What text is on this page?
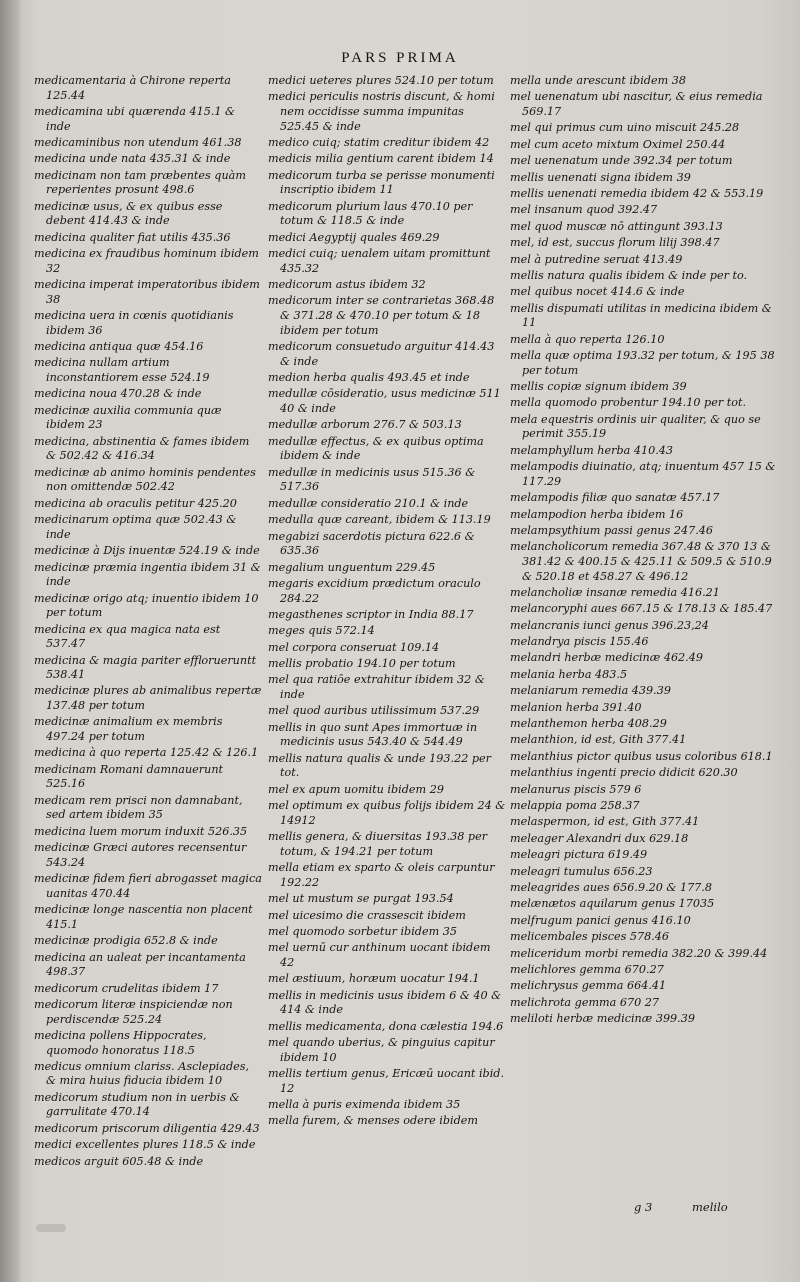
PARS PRIMA
medicamentaria à Chirone reperta 125.44
medicamina ubi quærenda 415.1 & inde
medicaminibus non utendum 461.38
medicina unde nata 435.31 & inde
medicinam non tam præbentes quàm reperientes prosunt 498.6
medicinæ usus, & ex quibus esse debent 414.43 & inde
medicina qualiter fiat utilis 435.36
medicina ex fraudibus hominum ibidem 32
medicina imperat imperatoribus ibidem 38
medicina uera in cœnis quotidianis ibidem 36
medicina antiqua quæ 454.16
medicina nullam artium inconstantiorem esse 524.19
medicina noua 470.28 & inde
medicinæ auxilia communia quæ ibidem 23
medicina, abstinentia & fames ibidem & 502.42 & 416.34
medicinæ ab animo hominis pendentes non omittendæ 502.42
medicina ab oraculis petitur 425.20
medicinarum optima quæ 502.43 & inde
medicinæ à Dijs inuentæ 524.19 & inde
medicinæ præmia ingentia ibidem 31 & inde
medicinæ origo atq; inuentio ibidem 10 per totum
medicina ex qua magica nata est 537.47
medicina & magia pariter efflorueruntt 538.41
medicinæ plures ab animalibus repertæ 137.48 per totum
medicinæ animalium ex membris 497.24 per totum
medicina à quo reperta 125.42 & 126.1
medicinam Romani damnauerunt 525.16
medicam rem prisci non damnabant, sed artem ibidem 35
medicina luem morum induxit 526.35
medicinæ Græci autores recensentur 543.24
medicinæ fidem fieri abrogasset magica uanitas 470.44
medicinæ longe nascentia non placent 415.1
medicinæ prodigia 652.8 & inde
medicina an ualeat per incantamenta 498.37
medicorum crudelitas ibidem 17
medicorum literæ inspiciendæ non perdiscendæ 525.24
medicina pollens Hippocrates, quomodo honoratus 118.5
medicus omnium clariss. Asclepiades, & mira huius fiducia ibidem 10
medicorum studium non in uerbis & garrulitate 470.14
medicorum priscorum diligentia 429.43
medici excellentes plures 118.5 & inde
medicos arguit 605.48 & inde
medici ueteres plures 524.10 per totum
medici periculis nostris discunt, & homi nem occidisse summa impunitas 525.45 & inde
medico cuiq; statim creditur ibidem 42
medicis milia gentium carent ibidem 14
medicorum turba se perisse monumenti inscriptio ibidem 11
medicorum plurium laus 470.10 per totum & 118.5 & inde
medici Aegyptij quales 469.29
medici cuiq; uenalem uitam promittunt 435.32
medicorum astus ibidem 32
medicorum inter se contrarietas 368.48 & 371.28 & 470.10 per totum & 18 ibidem per totum
medicorum consuetudo arguitur 414.43 & inde
medion herba qualis 493.45 et inde
medullæ cōsideratio, usus medicinæ 511 40 & inde
medullæ arborum 276.7 & 503.13
medullæ effectus, & ex quibus optima ibidem & inde
medullæ in medicinis usus 515.36 & 517.36
medullæ consideratio 210.1 & inde
medulla quæ careant, ibidem & 113.19
megabizi sacerdotis pictura 622.6 & 635.36
megalium unguentum 229.45
megaris excidium prædictum oraculo 284.22
megasthenes scriptor in India 88.17
meges quis 572.14
mel corpora conseruat 109.14
mellis probatio 194.10 per totum
mel qua ratiōe extrahitur ibidem 32 & inde
mel quod auribus utilissimum 537.29
mellis in quo sunt Apes immortuæ in medicinis usus 543.40 & 544.49
mellis natura qualis & unde 193.22 per tot.
mel ex apum uomitu ibidem 29
mel optimum ex quibus folijs ibidem 24 & 14912
mellis genera, & diuersitas 193.38 per totum, & 194.21 per totum
mella etiam ex sparto & oleis carpuntur 192.22
mel ut mustum se purgat 193.54
mel uicesimo die crassescit ibidem
mel quomodo sorbetur ibidem 35
mel uernū cur anthinum uocant ibidem 42
mel æstiuum, horæum uocatur 194.1
mellis in medicinis usus ibidem 6 & 40 & 414 & inde
mellis medicamenta, dona cælestia 194.6
mel quando uberius, & pinguius capitur ibidem 10
mellis tertium genus, Ericæū uocant ibid. 12
mella à puris eximenda ibidem 35
mella furem, & menses odere ibidem
mella unde arescunt ibidem 38
mel uenenatum ubi nascitur, & eius remedia 569.17
mel qui primus cum uino miscuit 245.28
mel cum aceto mixtum Oximel 250.44
mel uenenatum unde 392.34 per totum
mellis uenenati signa ibidem 39
mellis uenenati remedia ibidem 42 & 553.19
mel insanum quod 392.47
mel quod muscæ nō attingunt 393.13
mel, id est, succus florum lilij 398.47
mel à putredine seruat 413.49
mellis natura qualis ibidem & inde per to.
mel quibus nocet 414.6 & inde
mellis dispumati utilitas in medicina ibidem & 11
mella à quo reperta 126.10
mella quæ optima 193.32 per totum, & 195 38 per totum
mellis copiæ signum ibidem 39
mella quomodo probentur 194.10 per tot.
mela equestris ordinis uir qualiter, & quo se perimit 355.19
melamphyllum herba 410.43
melampodis diuinatio, atq; inuentum 457 15 & 117.29
melampodis filiæ quo sanatæ 457.17
melampodion herba ibidem 16
melampsythium passi genus 247.46
melancholicorum remedia 367.48 & 370 13 & 381.42 & 400.15 & 425.11 & 509.5 & 510.9 & 520.18 et 458.27 & 496.12
melancholiæ insanæ remedia 416.21
melancoryphi aues 667.15 & 178.13 & 185.47
melancranis iunci genus 396.23,24
melandrya piscis 155.46
melandri herbæ medicinæ 462.49
melania herba 483.5
melaniarum remedia 439.39
melanion herba 391.40
melanthemon herba 408.29
melanthion, id est, Gith 377.41
melanthius pictor quibus usus coloribus 618.1
melanthius ingenti precio didicit 620.30
melanurus piscis 579 6
melappia poma 258.37
melaspermon, id est, Gith 377.41
meleager Alexandri dux 629.18
meleagri pictura 619.49
meleagri tumulus 656.23
meleagrides aues 656.9.20 & 177.8
melænætos aquilarum genus 17035
melfrugum panici genus 416.10
melicembales pisces 578.46
meliceridum morbi remedia 382.20 & 399.44
melichlores gemma 670.27
melichrysus gemma 664.41
melichrota gemma 670 27
meliloti herbæ medicinæ 399.39
g 3	melilo
